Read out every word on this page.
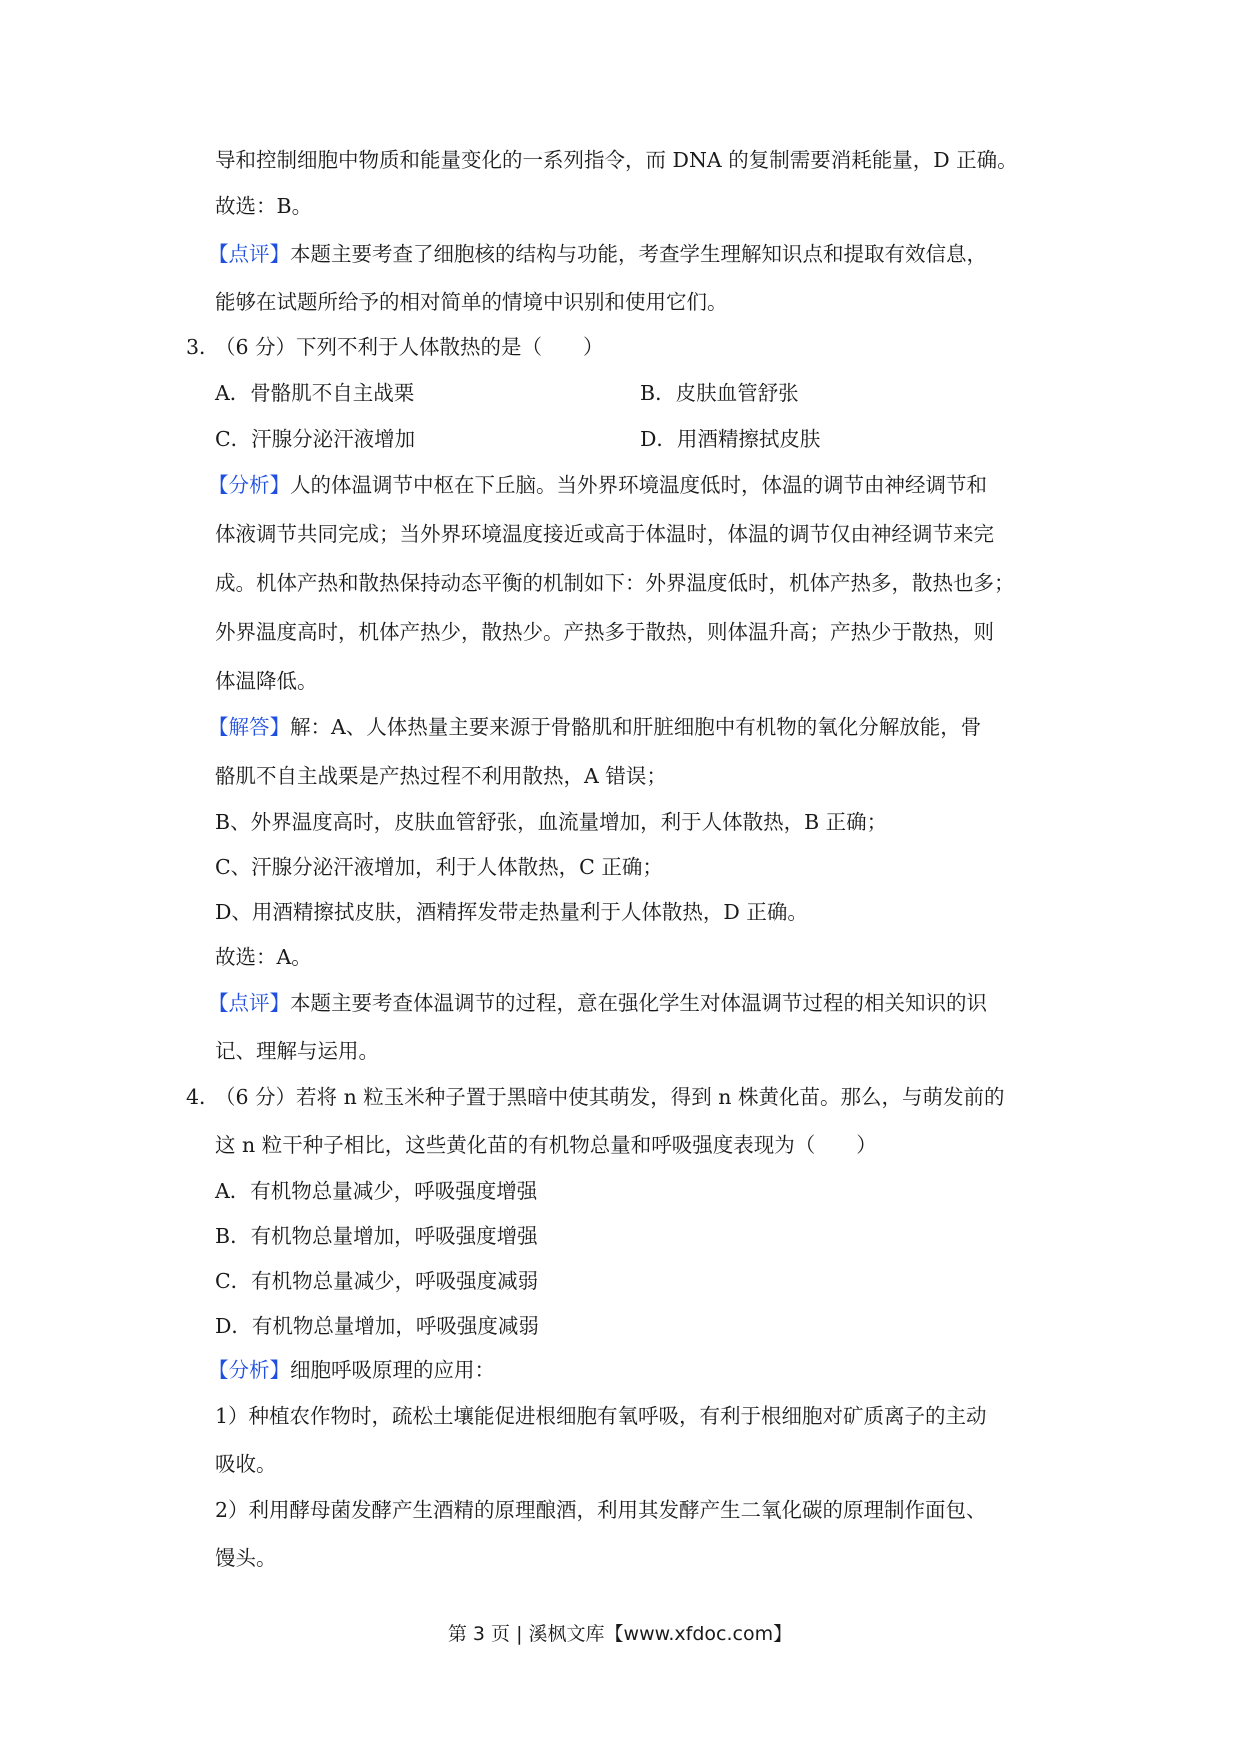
导和控制细胞中物质和能量变化的一系列指令，而 DNA 的复制需要消耗能量，D 正确。
故选：B。
【点评】本题主要考查了细胞核的结构与功能，考查学生理解知识点和提取有效信息，
能够在试题所给予的相对简单的情境中识别和使用它们。
3．
（6 分）下列不利于人体散热的是（　　）
A．骨骼肌不自主战栗	B．皮肤血管舒张
C．汗腺分泌汗液增加	D．用酒精擦拭皮肤
【分析】人的体温调节中枢在下丘脑。当外界环境温度低时，体温的调节由神经调节和
体液调节共同完成；当外界环境温度接近或高于体温时，体温的调节仅由神经调节来完
成。机体产热和散热保持动态平衡的机制如下：外界温度低时，机体产热多，散热也多；
外界温度高时，机体产热少，散热少。产热多于散热，则体温升高；产热少于散热，则
体温降低。
【解答】解：A、人体热量主要来源于骨骼肌和肝脏细胞中有机物的氧化分解放能，骨
骼肌不自主战栗是产热过程不利用散热，A 错误；
B、外界温度高时，皮肤血管舒张，血流量增加，利于人体散热，B 正确；
C、汗腺分泌汗液增加，利于人体散热，C 正确；
D、用酒精擦拭皮肤，酒精挥发带走热量利于人体散热，D 正确。
故选：A。
【点评】本题主要考查体温调节的过程，意在强化学生对体温调节过程的相关知识的识
记、理解与运用。
4．
（6 分）若将 n 粒玉米种子置于黑暗中使其萌发，得到 n 株黄化苗。那么，与萌发前的
这 n 粒干种子相比，这些黄化苗的有机物总量和呼吸强度表现为（　　）
A．有机物总量减少，呼吸强度增强
B．有机物总量增加，呼吸强度增强
C．有机物总量减少，呼吸强度减弱
D．有机物总量增加，呼吸强度减弱
【分析】细胞呼吸原理的应用：
1）种植农作物时，疏松土壤能促进根细胞有氧呼吸，有利于根细胞对矿质离子的主动
吸收。
2）利用酵母菌发酵产生酒精的原理酿酒，利用其发酵产生二氧化碳的原理制作面包、
馒头。
第 3 页 | 溪枫文库【www.xfdoc.com】
